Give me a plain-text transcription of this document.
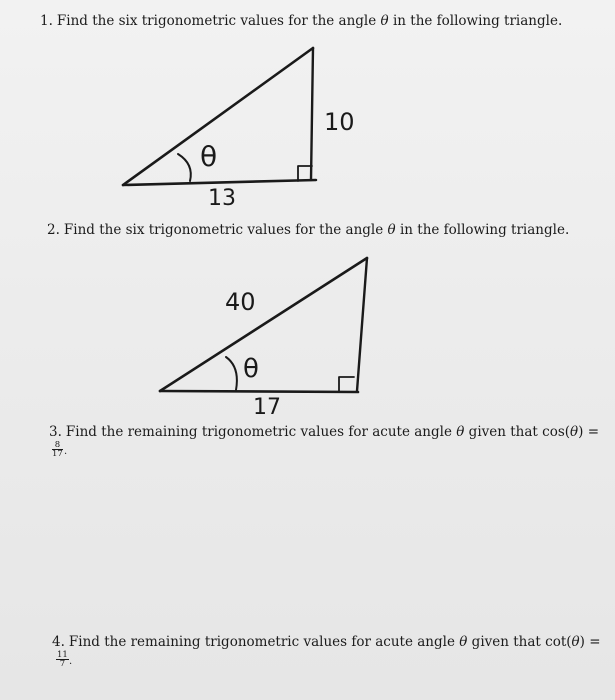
1. Find the six trigonometric values for the angle θ in the following triangle.
2. Find the six trigonometric values for the angle θ in the following triangle.
3. Find the remaining trigonometric values for acute angle θ given that cos(θ) =
$\frac{8}{17}$ .
4. Find the remaining trigonometric values for acute angle θ given that cot(θ) =
$\frac{11}{7}$ .
θ
10
13
θ
40
17
